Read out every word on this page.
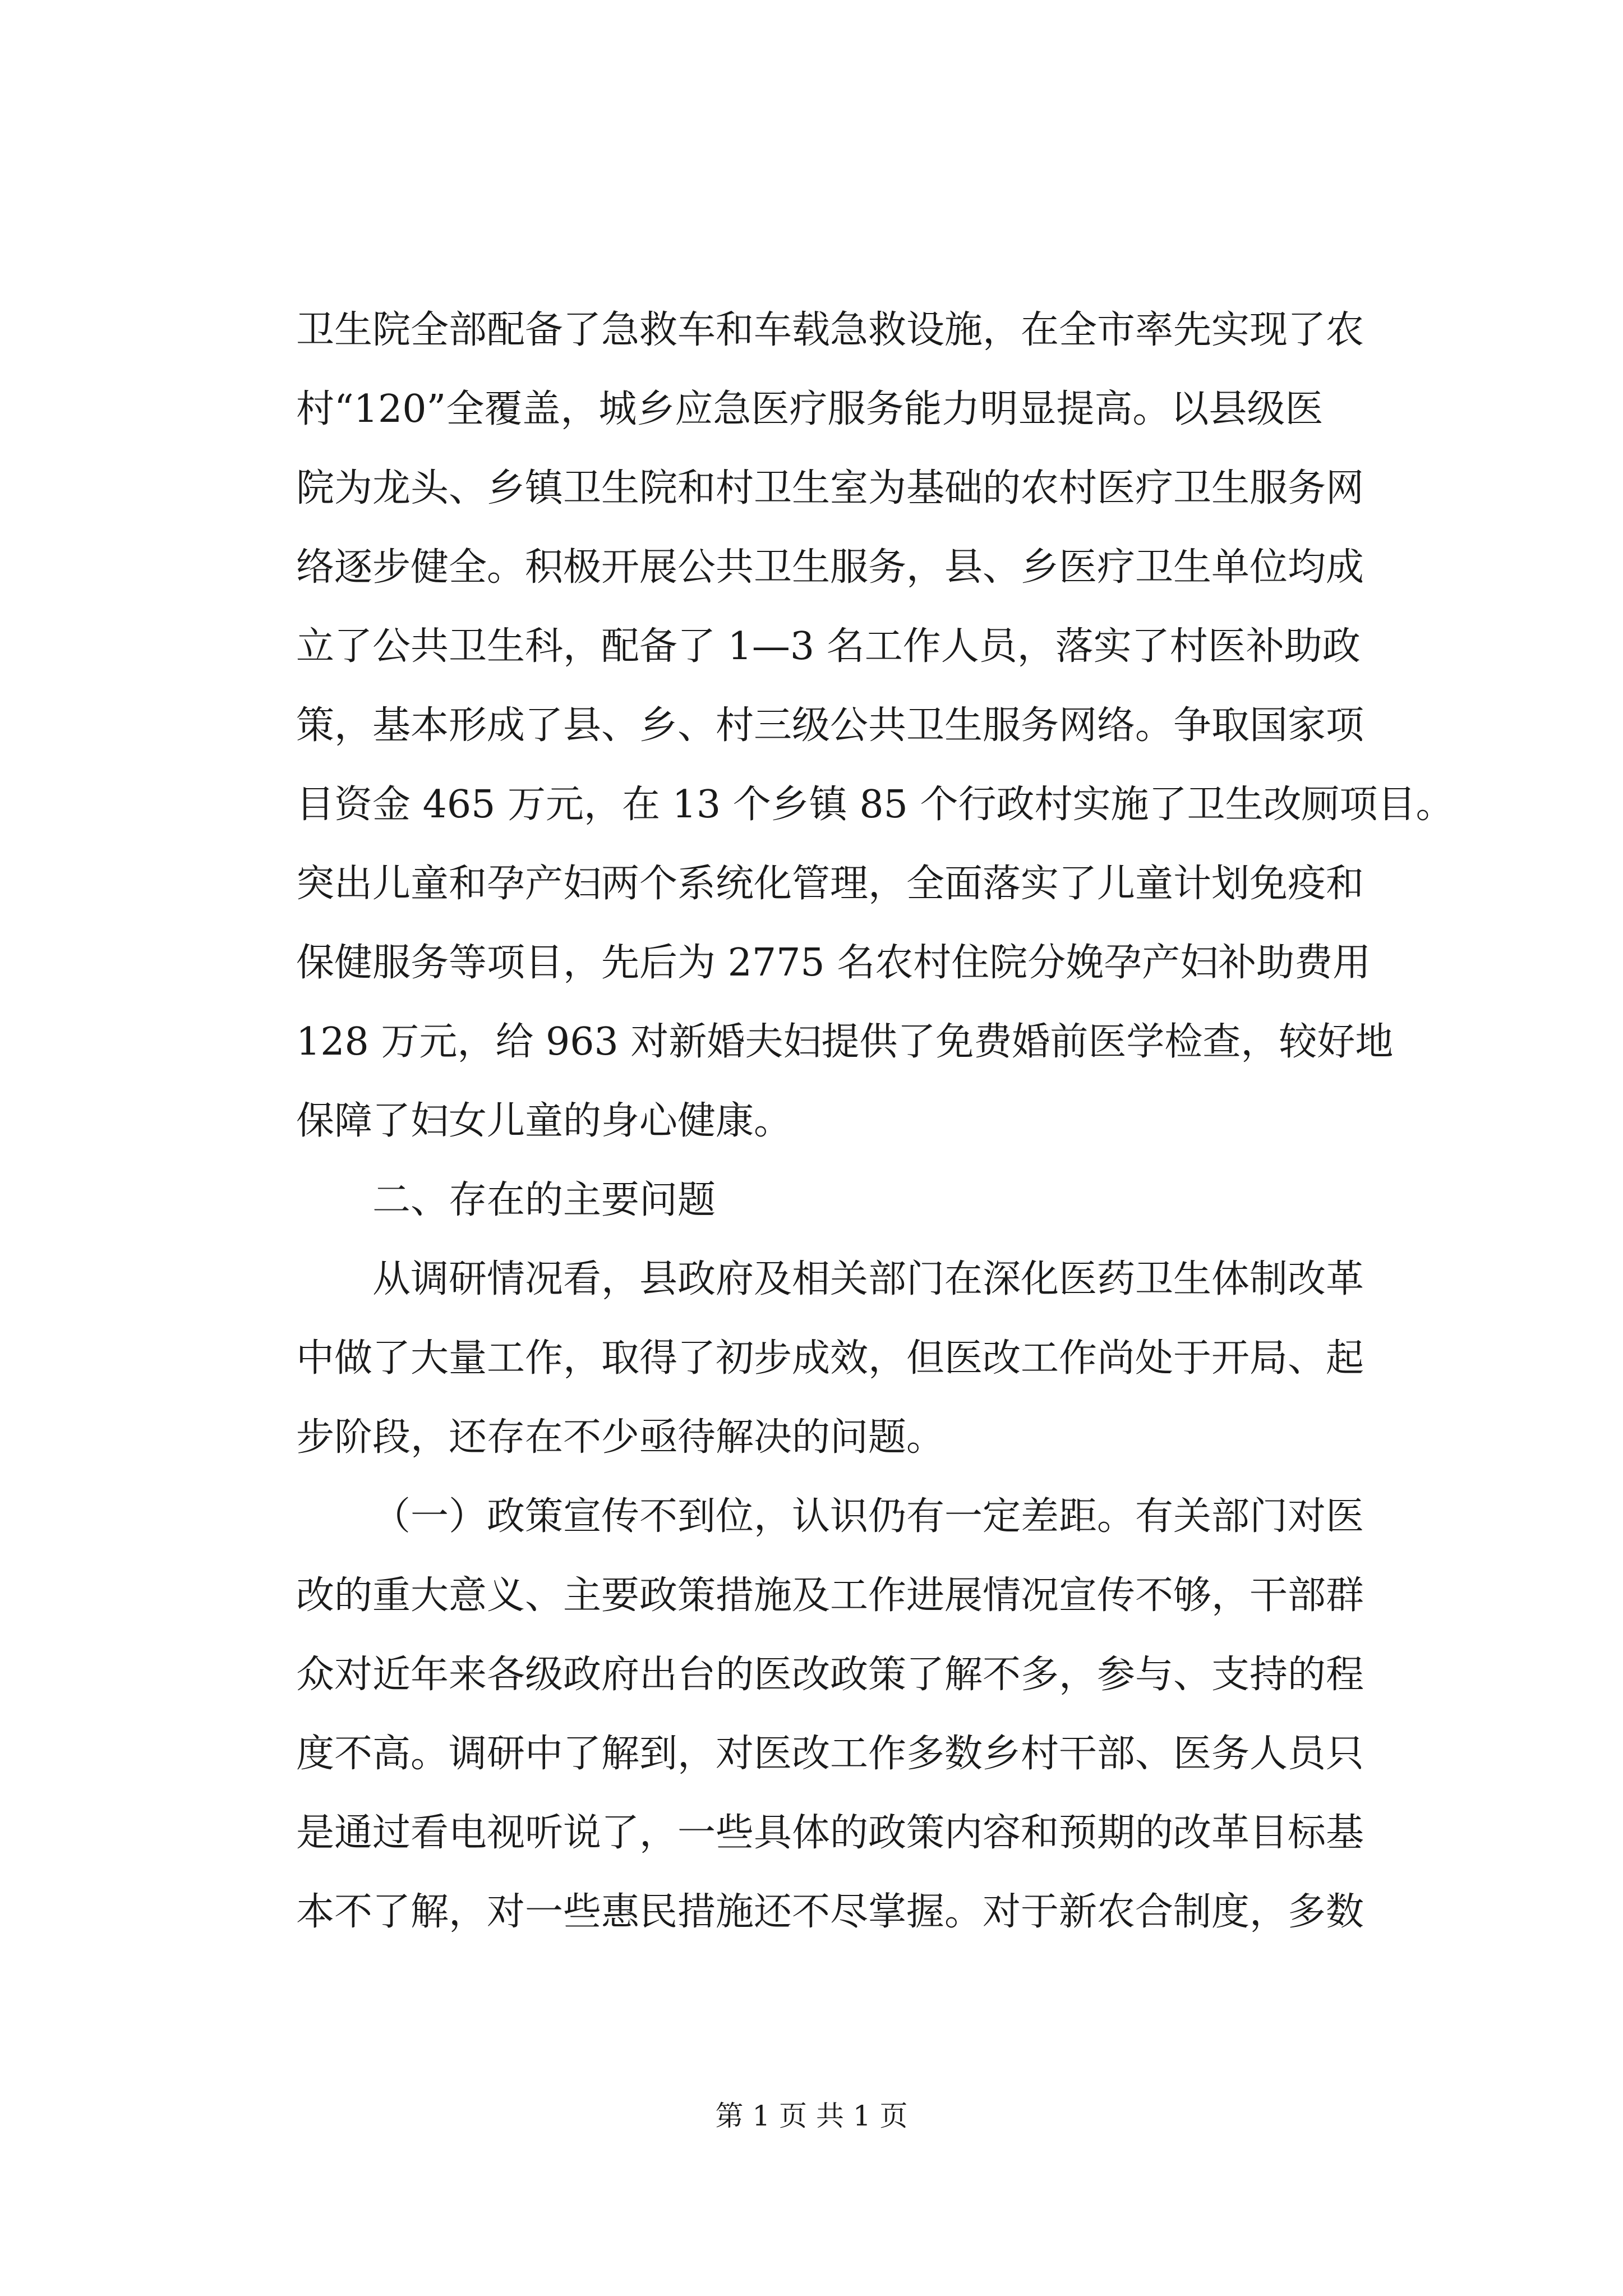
卫生院全部配备了急救车和车载急救设施，在全市率先实现了农
村“120”全覆盖，城乡应急医疗服务能力明显提高。以县级医
院为龙头、乡镇卫生院和村卫生室为基础的农村医疗卫生服务网
络逐步健全。积极开展公共卫生服务，县、乡医疗卫生单位均成
立了公共卫生科，配备了 1—3 名工作人员，落实了村医补助政
策，基本形成了县、乡、村三级公共卫生服务网络。争取国家项
目资金 465 万元，在 13 个乡镇 85 个行政村实施了卫生改厕项目。
突出儿童和孕产妇两个系统化管理，全面落实了儿童计划免疫和
保健服务等项目，先后为 2775 名农村住院分娩孕产妇补助费用
128 万元，给 963 对新婚夫妇提供了免费婚前医学检查，较好地
保障了妇女儿童的身心健康。
二、存在的主要问题
从调研情况看，县政府及相关部门在深化医药卫生体制改革
中做了大量工作，取得了初步成效，但医改工作尚处于开局、起
步阶段，还存在不少亟待解决的问题。
（一）政策宣传不到位，认识仍有一定差距。有关部门对医
改的重大意义、主要政策措施及工作进展情况宣传不够，干部群
众对近年来各级政府出台的医改政策了解不多，参与、支持的程
度不高。调研中了解到，对医改工作多数乡村干部、医务人员只
是通过看电视听说了，一些具体的政策内容和预期的改革目标基
本不了解，对一些惠民措施还不尽掌握。对于新农合制度，多数
第 1 页 共 1 页
